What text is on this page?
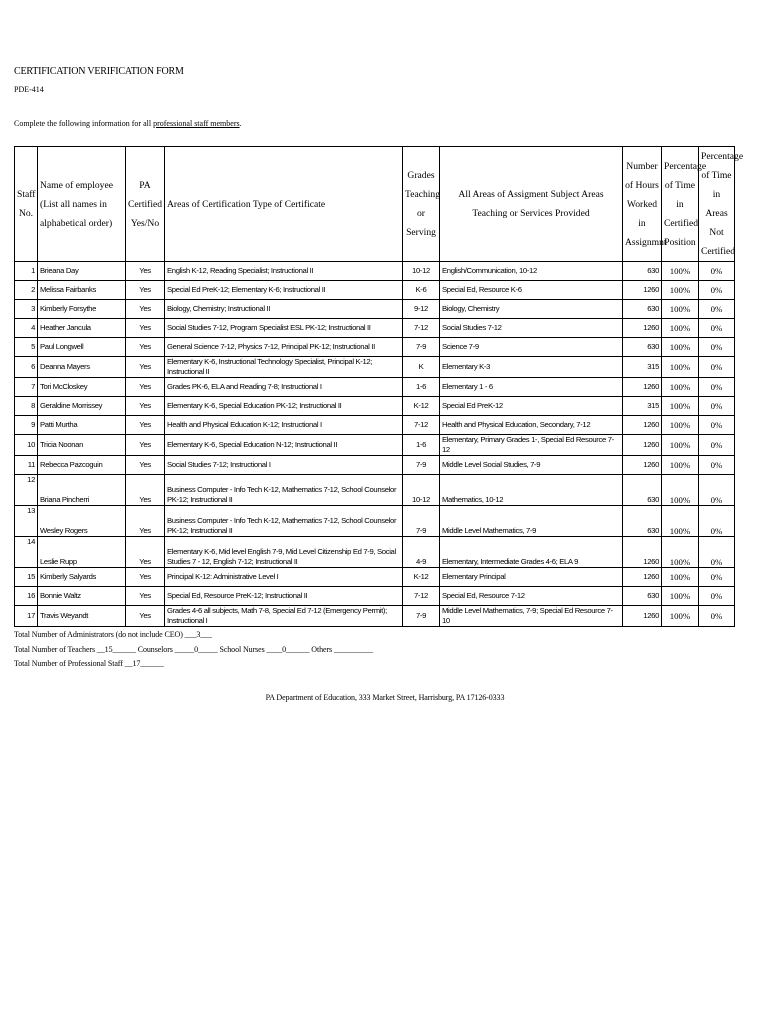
CERTIFICATION VERIFICATION FORM
PDE-414
Complete the following information for all professional staff members.
Staff No.	Name of employee (List all names in alphabetical order)	PA Certified Yes/No	Areas of Certification Type of Certificate	Grades Teaching or Serving	All Areas of Assigment Subject Areas Teaching or Services Provided	Number of Hours Worked in Assignmnt	Percentage of Time in Certified Position	Percentage of Time in Areas Not Certified
1	Brieana Day	Yes	English K-12, Reading Specialist; Instructional II	10-12	English/Communication, 10-12	630	100%	0%
2	Melissa Fairbanks	Yes	Special Ed PreK-12; Elementary K-6; Instructional II	K-6	Special Ed, Resource K-6	1260	100%	0%
3	Kimberly Forsythe	Yes	Biology, Chemistry; Instructional II	9-12	Biology, Chemistry	630	100%	0%
4	Heather Jancula	Yes	Social Studies 7-12, Program Specialist ESL PK-12; Instructional II	7-12	Social Studies 7-12	1260	100%	0%
5	Paul Longwell	Yes	General Science 7-12, Physics 7-12, Principal PK-12; Instructional II	7-9	Science 7-9	630	100%	0%
6	Deanna Mayers	Yes	Elementary K-6, Instructional Technology Specialist, Principal K-12; Instructional II	K	Elementary K-3	315	100%	0%
7	Tori McCloskey	Yes	Grades PK-6, ELA and Reading 7-8; Instructional I	1-6	Elementary 1 - 6	1260	100%	0%
8	Geraldine Morrissey	Yes	Elementary K-6, Special Education PK-12; Instructional II	K-12	Special Ed PreK-12	315	100%	0%
9	Patti Murtha	Yes	Health and Physical Education K-12; Instructional I	7-12	Health and Physical Education, Secondary, 7-12	1260	100%	0%
10	Tricia Noonan	Yes	Elementary K-6, Special Education N-12; Instructional II	1-6	Elementary, Primary Grades 1-, Special Ed Resource 7-12	1260	100%	0%
11	Rebecca Pazcoguin	Yes	Social Studies 7-12; Instructional I	7-9	Middle Level Social Studies, 7-9	1260	100%	0%
12	Briana Pincherri	Yes	Business Computer - Info Tech K-12, Mathematics 7-12, School Counselor PK-12; Instructional II	10-12	Mathematics, 10-12	630	100%	0%
13	Wesley Rogers	Yes	Business Computer - Info Tech K-12, Mathematics 7-12, School Counselor PK-12; Instructional II	7-9	Middle Level Mathematics, 7-9	630	100%	0%
14	Leslie Rupp	Yes	Elementary K-6, Mid level English 7-9, Mid Level Citizenship Ed 7-9, Social Studies 7 - 12, English 7-12; Instructional II	4-9	Elementary, Intermediate Grades 4-6; ELA 9	1260	100%	0%
15	Kimberly Salyards	Yes	Principal K-12: Administrative Level I	K-12	Elementary Principal	1260	100%	0%
16	Bonnie Waltz	Yes	Special Ed, Resource PreK-12; Instructional II	7-12	Special Ed, Resource 7-12	630	100%	0%
17	Travis Weyandt	Yes	Grades 4-6 all subjects, Math 7-8, Special Ed 7-12 (Emergency Permit); Instructional I	7-9	Middle Level Mathematics, 7-9; Special Ed Resource 7-10	1260	100%	0%
Total Number of Administrators (do not include CEO) ___3___
Total Number of Teachers __15______ Counselors _____0_____ School Nurses ____0______ Others __________
Total Number of Professional Staff __17______
PA Department of Education, 333 Market Street, Harrisburg, PA 17126-0333
